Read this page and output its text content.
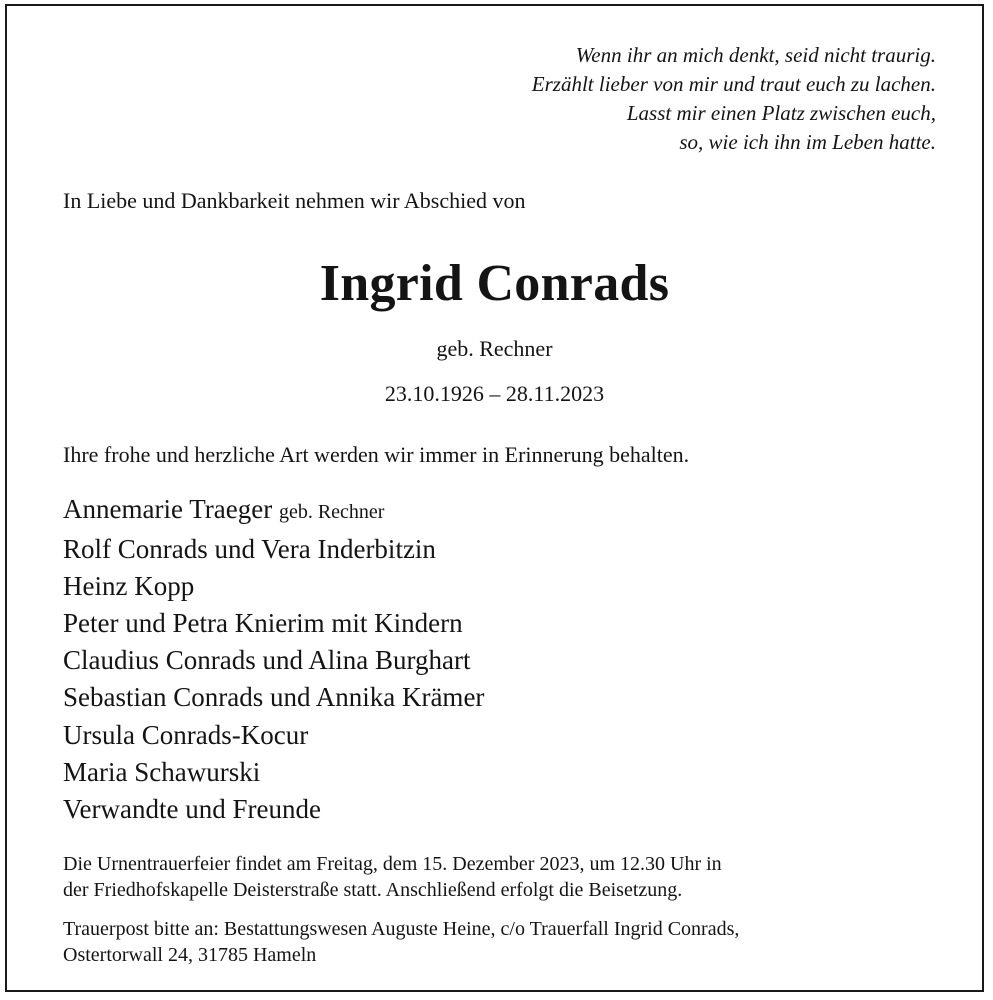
Wenn ihr an mich denkt, seid nicht traurig.
Erzählt lieber von mir und traut euch zu lachen.
Lasst mir einen Platz zwischen euch,
so, wie ich ihn im Leben hatte.
In Liebe und Dankbarkeit nehmen wir Abschied von
Ingrid Conrads
geb. Rechner
23.10.1926 – 28.11.2023
Ihre frohe und herzliche Art werden wir immer in Erinnerung behalten.
Annemarie Traeger geb. Rechner
Rolf Conrads und Vera Inderbitzin
Heinz Kopp
Peter und Petra Knierim mit Kindern
Claudius Conrads und Alina Burghart
Sebastian Conrads und Annika Krämer
Ursula Conrads-Kocur
Maria Schawurski
Verwandte und Freunde
Die Urnentrauerfeier findet am Freitag, dem 15. Dezember 2023, um 12.30 Uhr in
der Friedhofskapelle Deisterstraße statt. Anschließend erfolgt die Beisetzung.
Trauerpost bitte an: Bestattungswesen Auguste Heine, c/o Trauerfall Ingrid Conrads,
Ostertorwall 24, 31785 Hameln
